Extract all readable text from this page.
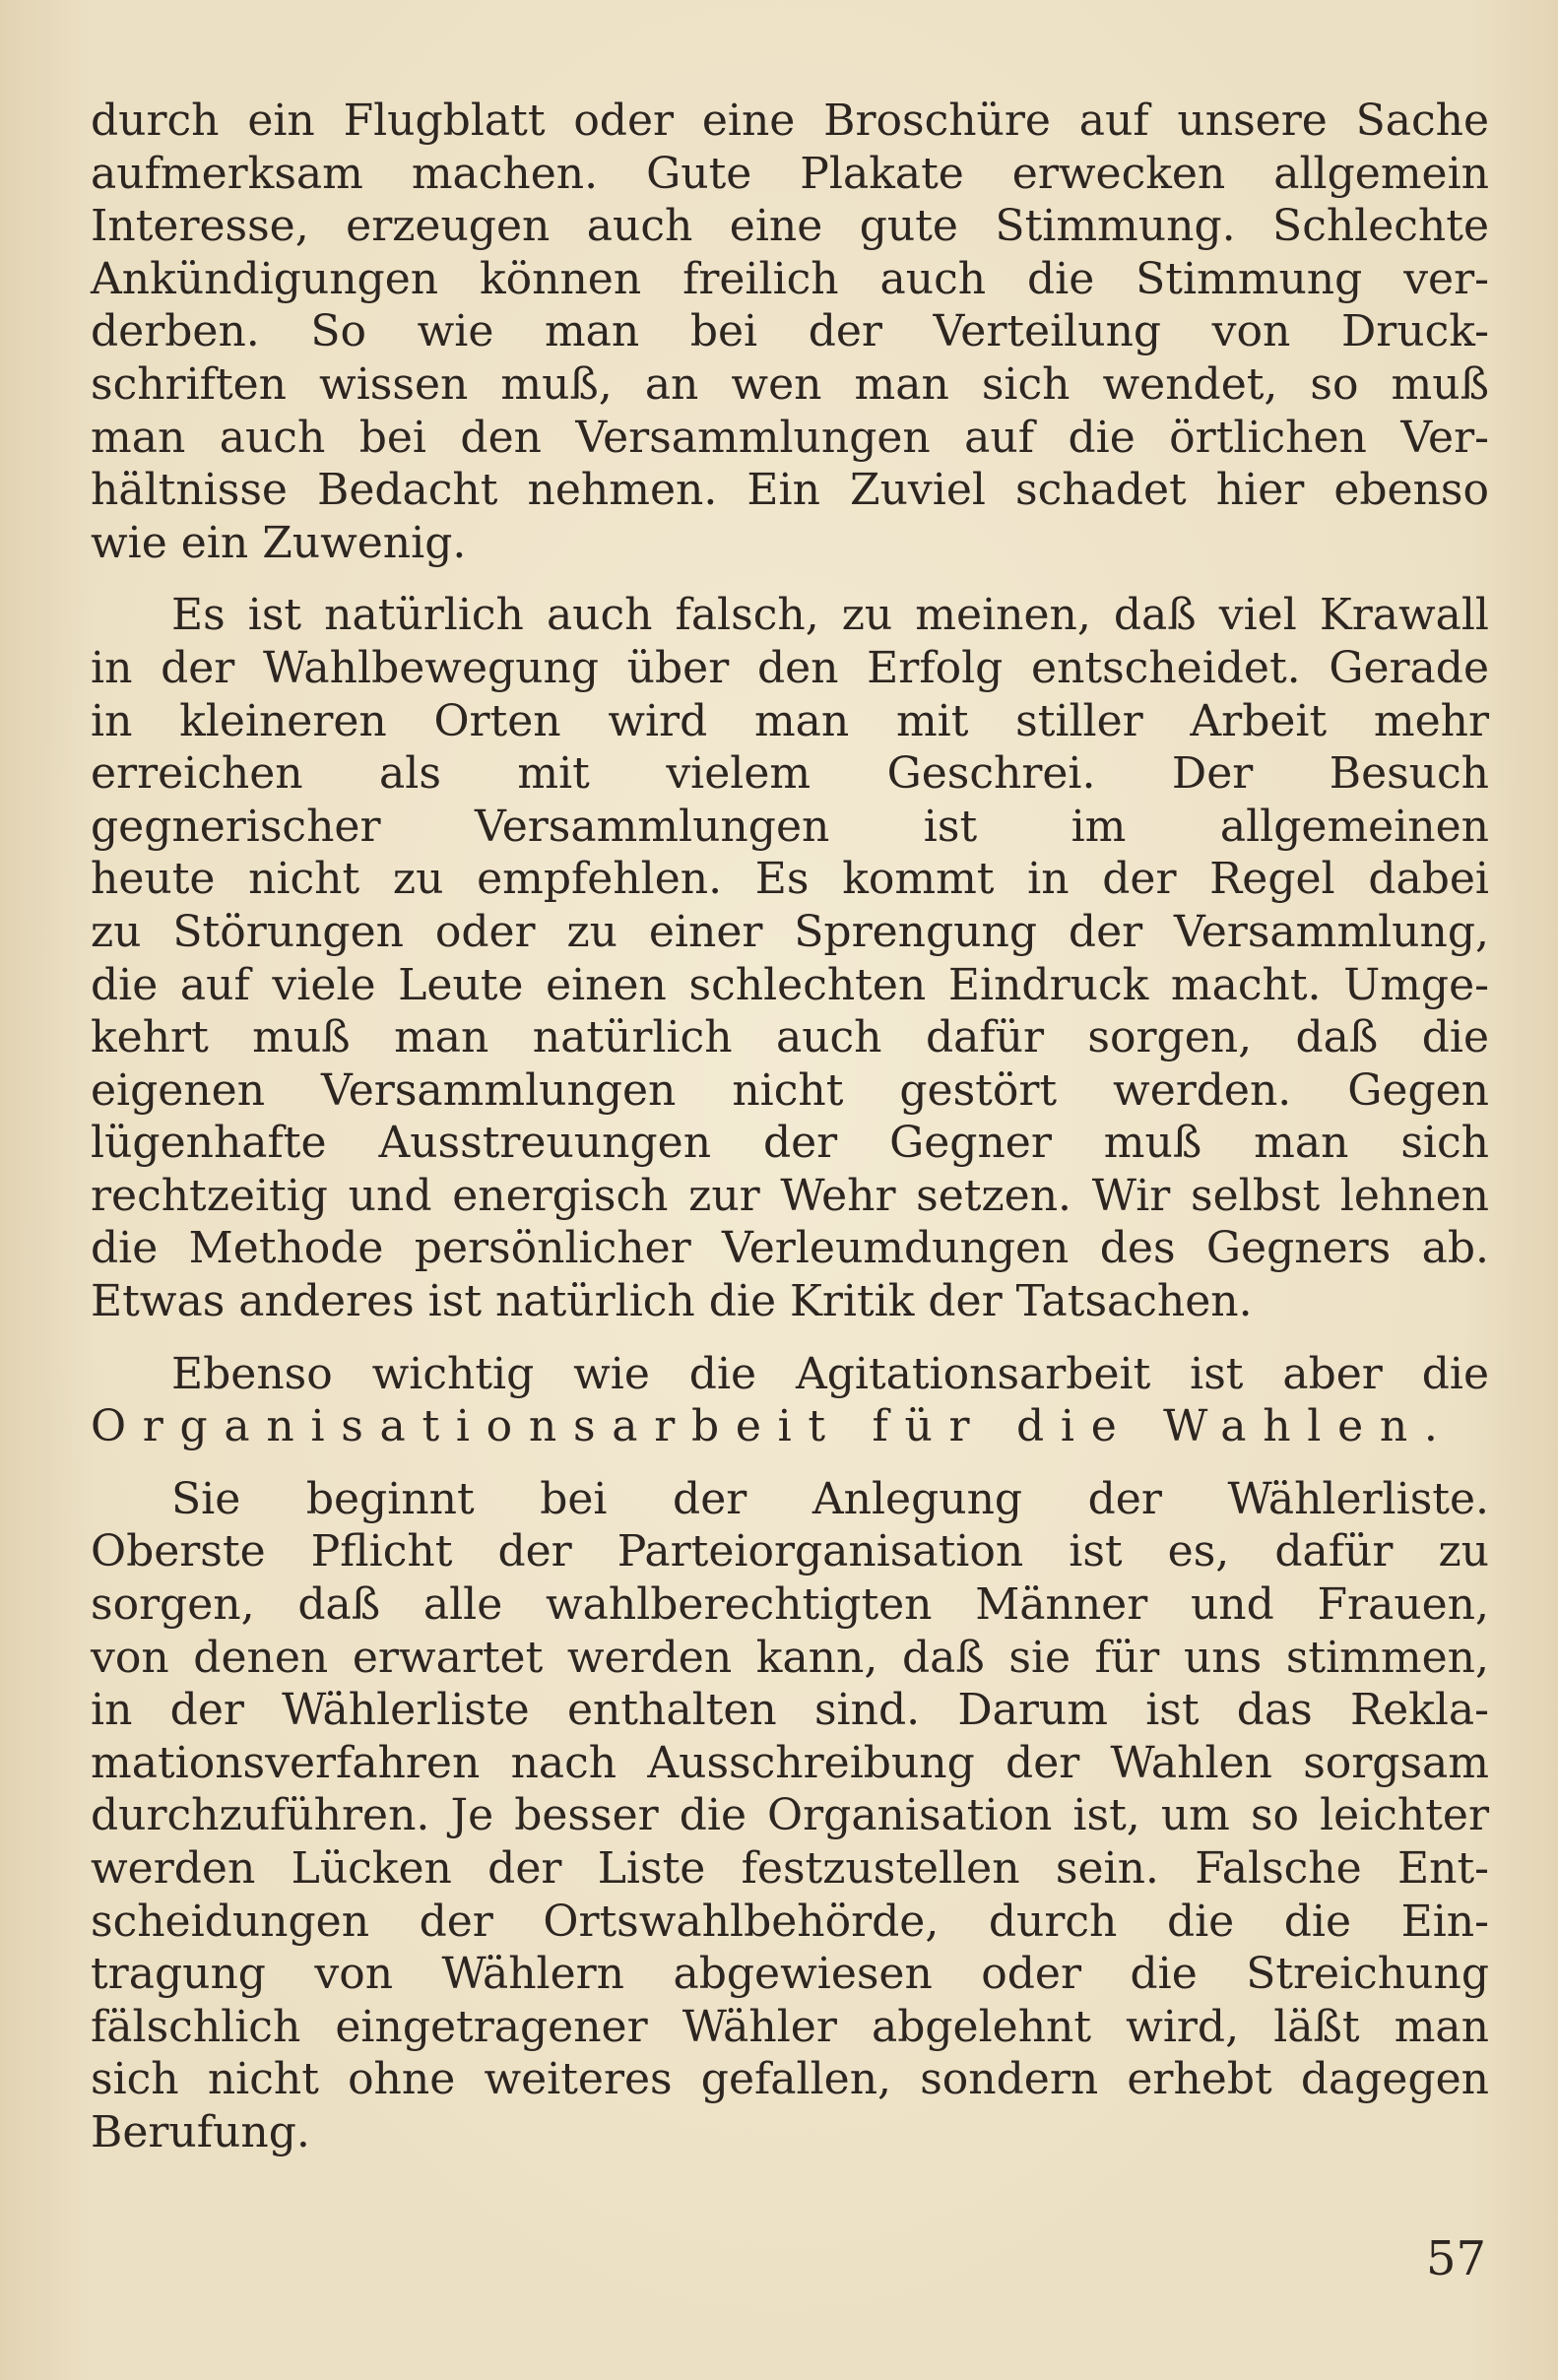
durch ein Flugblatt oder eine Broschüre auf unsere Sache
aufmerksam machen. Gute Plakate erwecken allgemein
Interesse, erzeugen auch eine gute Stimmung. Schlechte
Ankündigungen können freilich auch die Stimmung ver-
derben. So wie man bei der Verteilung von Druck-
schriften wissen muß, an wen man sich wendet, so muß
man auch bei den Versammlungen auf die örtlichen Ver-
hältnisse Bedacht nehmen. Ein Zuviel schadet hier ebenso
wie ein Zuwenig.

Es ist natürlich auch falsch, zu meinen, daß viel Krawall
in der Wahlbewegung über den Erfolg entscheidet. Gerade
in kleineren Orten wird man mit stiller Arbeit mehr
erreichen als mit vielem Geschrei. Der Besuch
gegnerischer Versammlungen ist im allgemeinen
heute nicht zu empfehlen. Es kommt in der Regel dabei
zu Störungen oder zu einer Sprengung der Versammlung,
die auf viele Leute einen schlechten Eindruck macht. Umge-
kehrt muß man natürlich auch dafür sorgen, daß die
eigenen Versammlungen nicht gestört werden. Gegen
lügenhafte Ausstreuungen der Gegner muß man sich
rechtzeitig und energisch zur Wehr setzen. Wir selbst lehnen
die Methode persönlicher Verleumdungen des Gegners ab.
Etwas anderes ist natürlich die Kritik der Tatsachen.

Ebenso wichtig wie die Agitationsarbeit ist aber die
Organisationsarbeit für die Wahlen.

Sie beginnt bei der Anlegung der Wählerliste.
Oberste Pflicht der Parteiorganisation ist es, dafür zu
sorgen, daß alle wahlberechtigten Männer und Frauen,
von denen erwartet werden kann, daß sie für uns stimmen,
in der Wählerliste enthalten sind. Darum ist das Rekla-
mationsverfahren nach Ausschreibung der Wahlen sorgsam
durchzuführen. Je besser die Organisation ist, um so leichter
werden Lücken der Liste festzustellen sein. Falsche Ent-
scheidungen der Ortswahlbehörde, durch die die Ein-
tragung von Wählern abgewiesen oder die Streichung
fälschlich eingetragener Wähler abgelehnt wird, läßt man
sich nicht ohne weiteres gefallen, sondern erhebt dagegen
Berufung.

57
